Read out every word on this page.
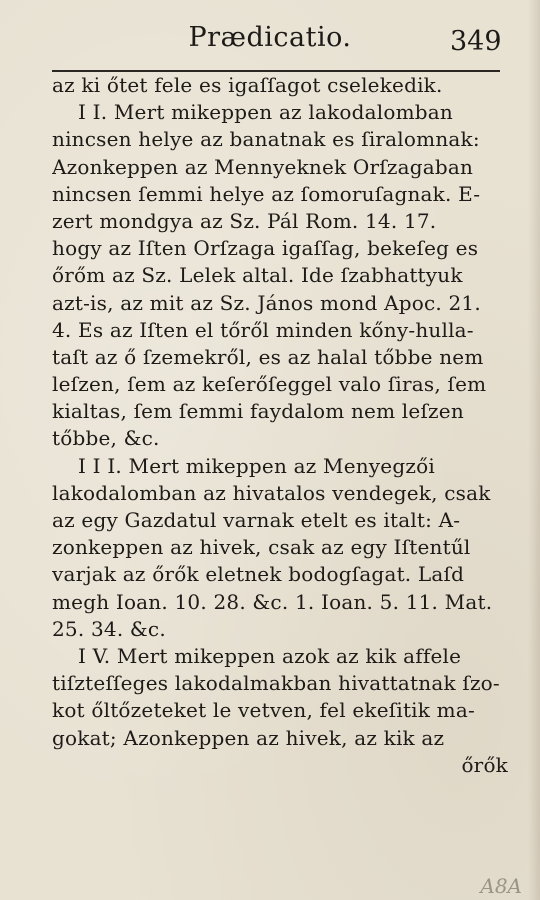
Prædicatio.	349
az ki őtet fele es igaſſagot cselekedik.
I I. Mert mikeppen az lakodalomban
nincsen helye az banatnak es ſiralomnak:
Azonkeppen az Mennyeknek Orſzagaban
nincsen ſemmi helye az ſomoruſagnak. E-
zert mondgya az Sz. Pál Rom. 14. 17.
hogy az Iſten Orſzaga igaſſag, bekeſeg es
őrőm az Sz. Lelek altal. Ide ſzabhattyuk
azt-is, az mit az Sz. János mond Apoc. 21.
4. Es az Iſten el tőről minden kőny-hulla-
taſt az ő ſzemekről, es az halal tőbbe nem
leſzen, ſem az keſerőſeggel valo ſiras, ſem
kialtas, ſem ſemmi faydalom nem leſzen
tőbbe, &c.
I I I. Mert mikeppen az Menyegzői
lakodalomban az hivatalos vendegek, csak
az egy Gazdatul varnak etelt es italt: A-
zonkeppen az hivek, csak az egy Iſtentűl
varjak az őrők eletnek bodogſagat. Laſd
megh Ioan. 10. 28. &c. 1. Ioan. 5. 11. Mat.
25. 34. &c.
I V. Mert mikeppen azok az kik affele
tiſzteſſeges lakodalmakban hivattatnak ſzo-
kot őltőzeteket le vetven, fel ekeſitik ma-
gokat; Azonkeppen az hivek, az kik az
őrők
A8A
